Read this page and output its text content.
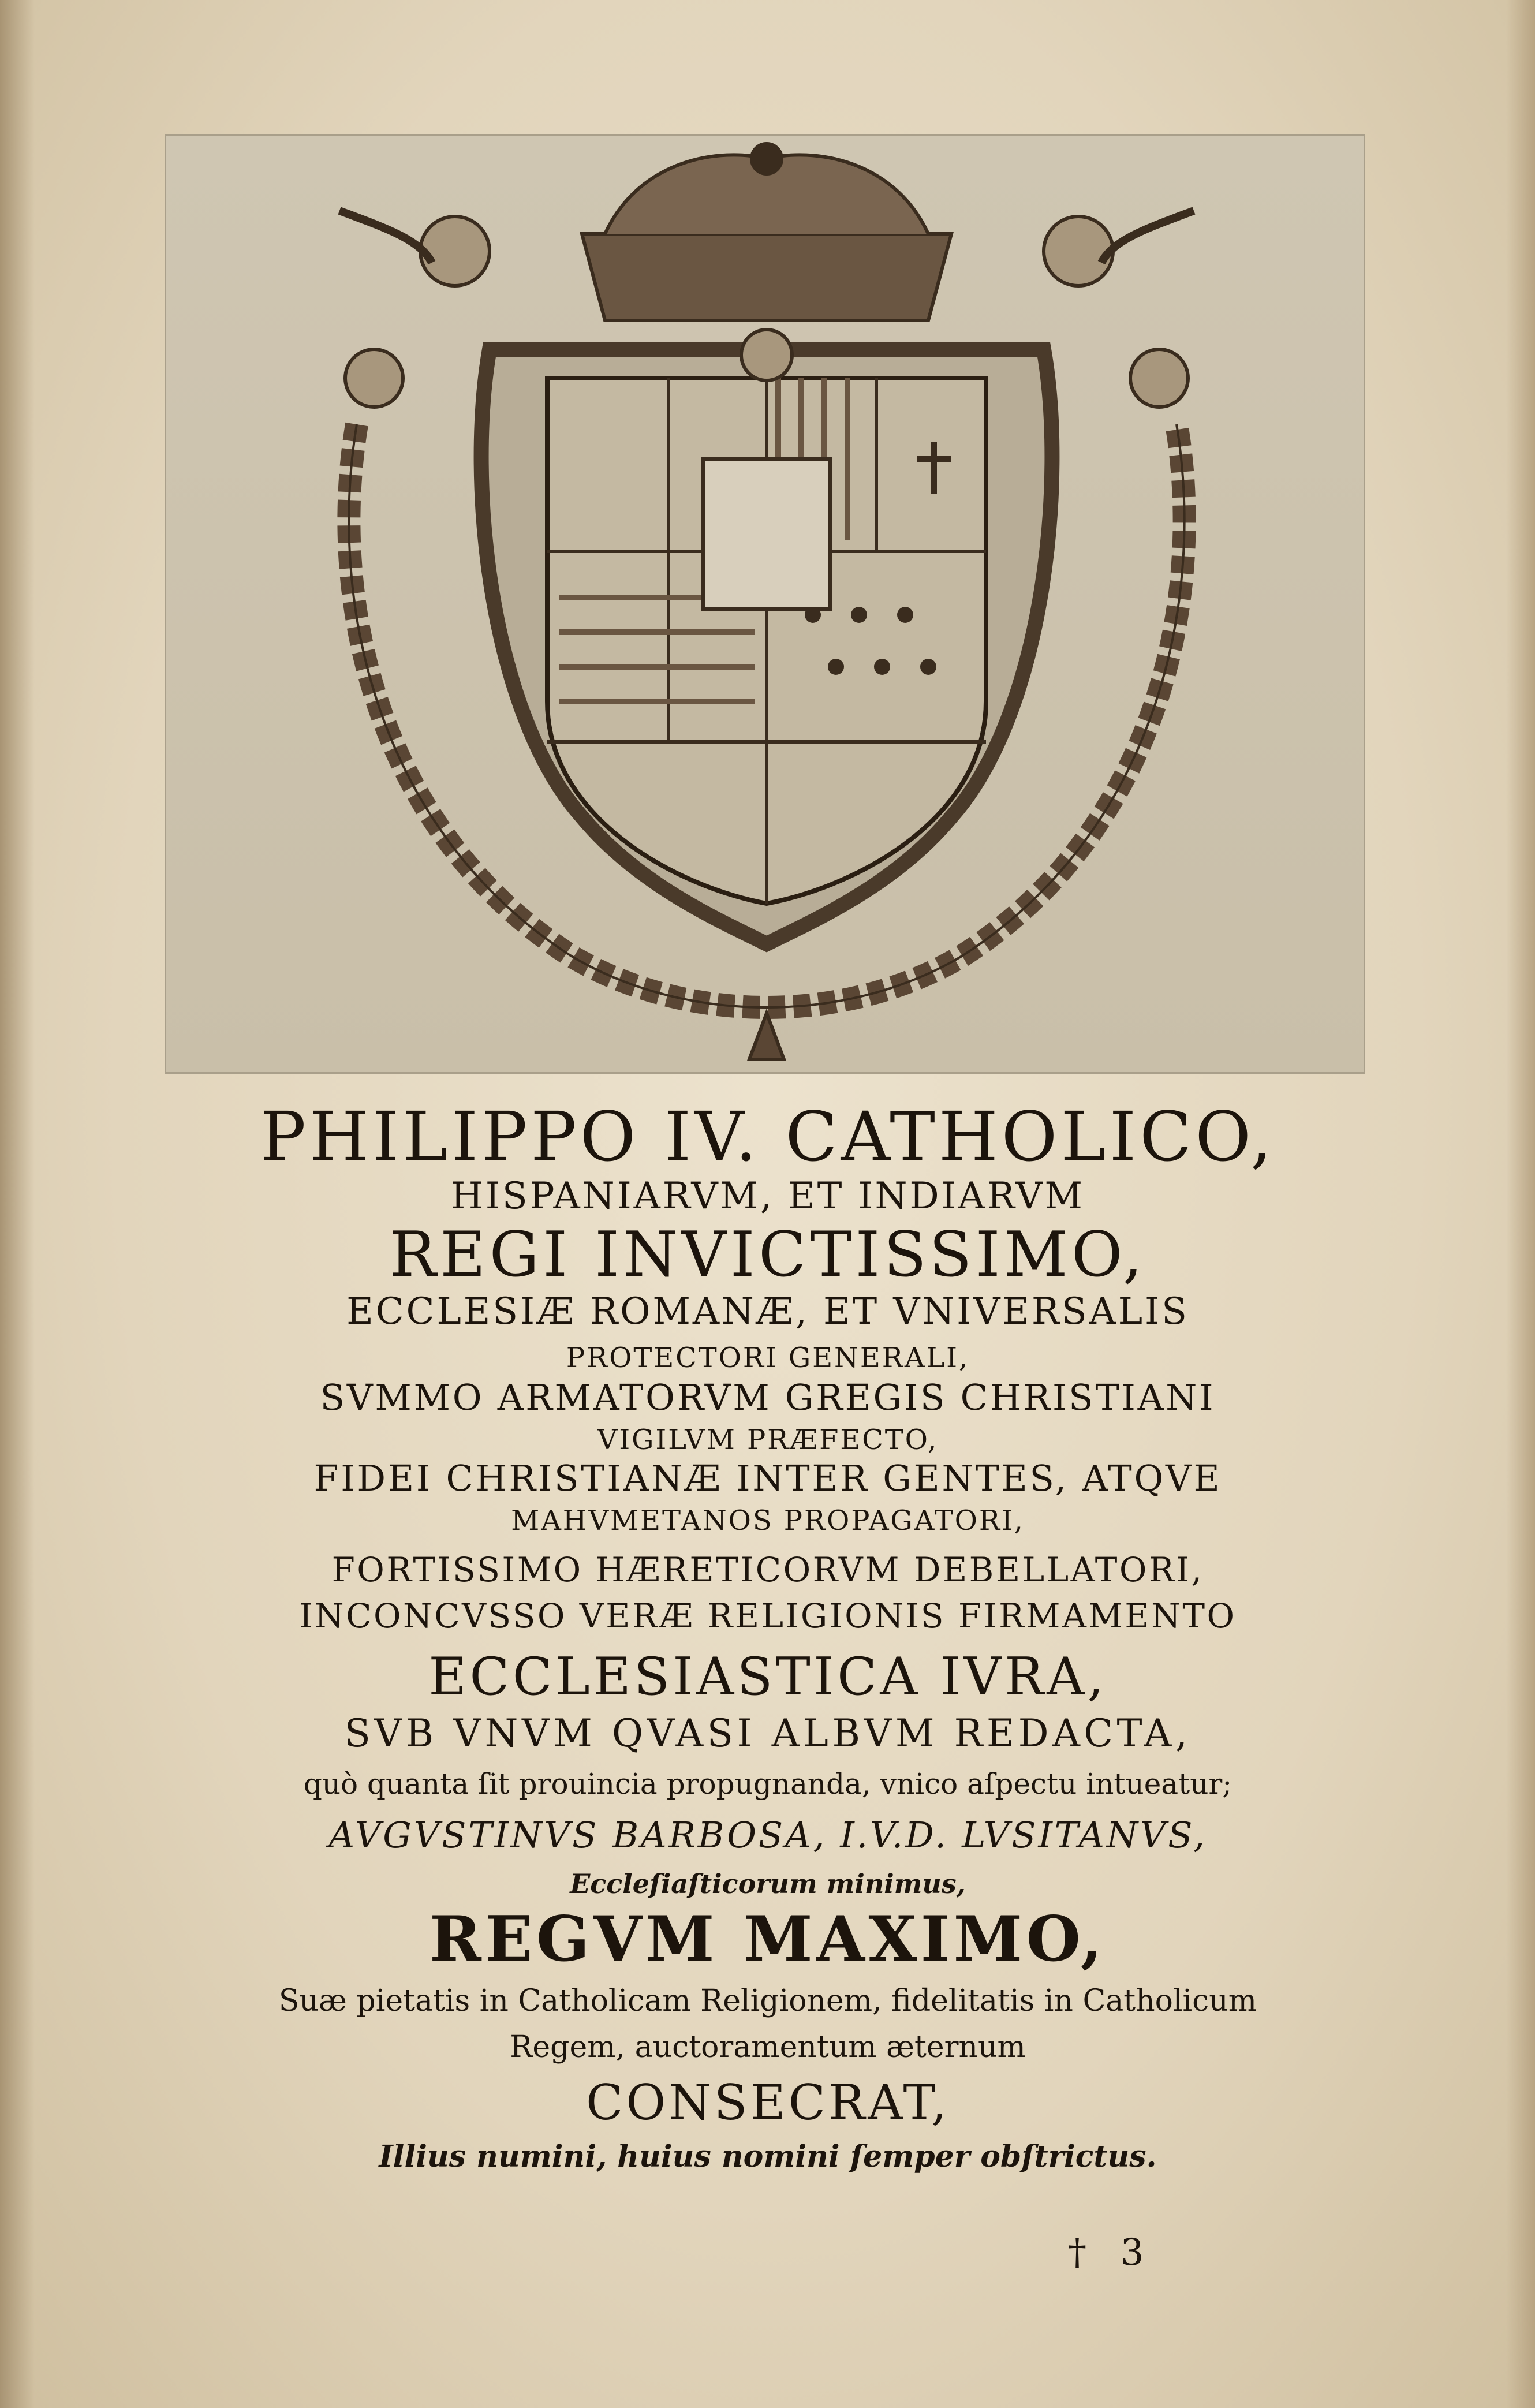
PHILIPPO IV. CATHOLICO,
HISPANIARVM, ET INDIARVM
REGI INVICTISSIMO,
ECCLESIÆ ROMANÆ, ET VNIVERSALIS
PROTECTORI GENERALI,
SVMMO ARMATORVM GREGIS CHRISTIANI
VIGILVM PRÆFECTO,
FIDEI CHRISTIANÆ INTER GENTES, ATQVE
MAHVMETANOS PROPAGATORI,
FORTISSIMO HÆRETICORVM DEBELLATORI,
INCONCVSSO VERÆ RELIGIONIS FIRMAMENTO
ECCLESIASTICA IVRA,
SVB VNVM QVASI ALBVM REDACTA,
quò quanta ſit prouincia propugnanda, vnico aſpectu intueatur;
AVGVSTINVS BARBOSA, I.V.D. LVSITANVS,
Eccleſiaſticorum minimus,
REGVM MAXIMO,
Suæ pietatis in Catholicam Religionem, fidelitatis in Catholicum
Regem, auctoramentum æternum
CONSECRAT,
Illius numini, huius nomini ſemper obſtrictus.
† 3
